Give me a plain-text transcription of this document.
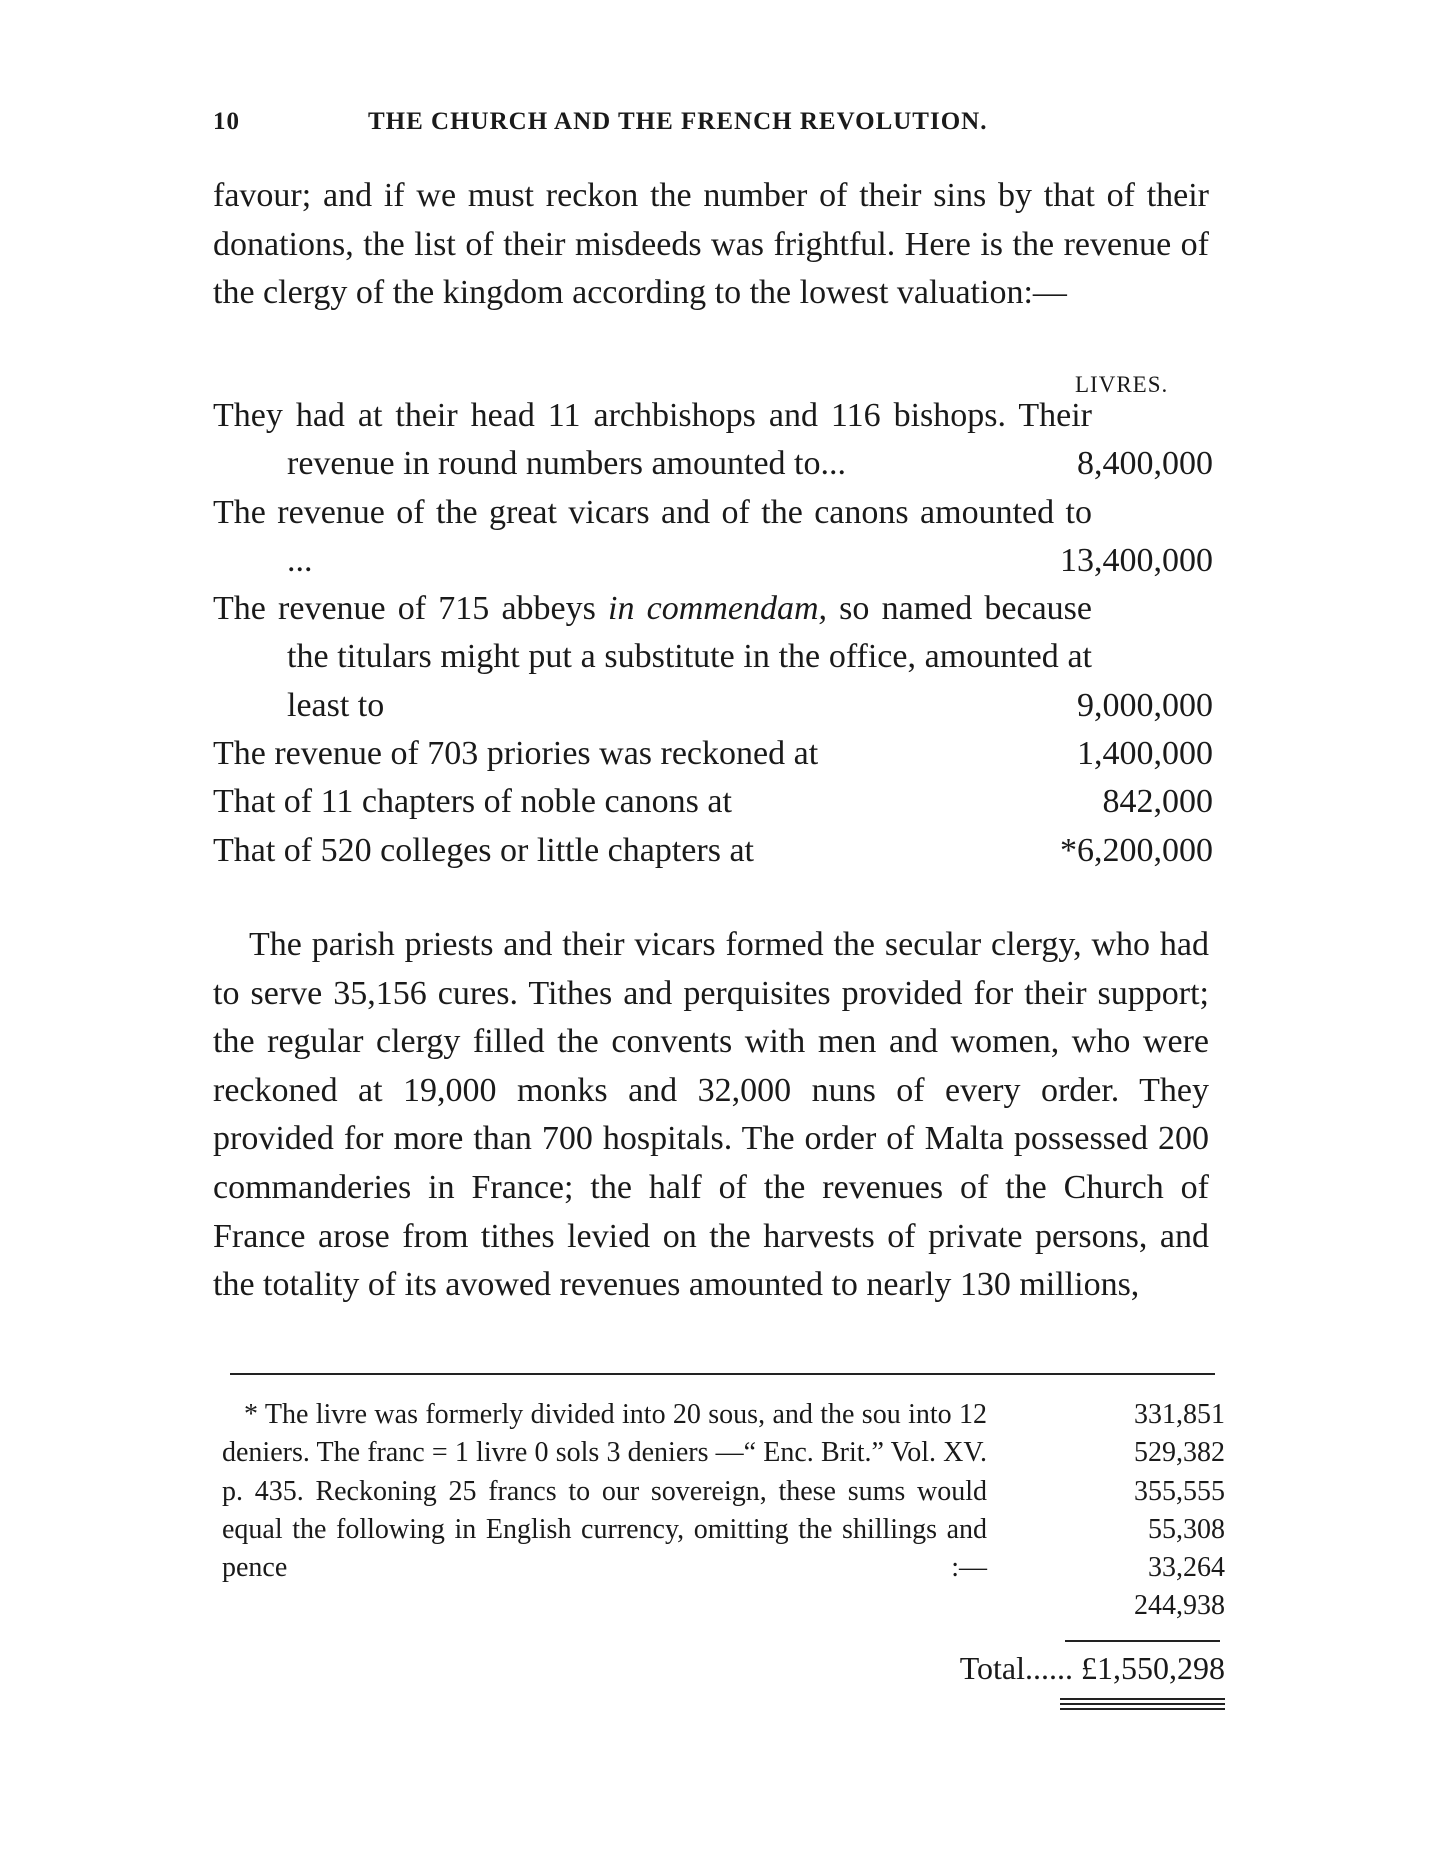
10	THE CHURCH AND THE FRENCH REVOLUTION.

favour; and if we must reckon the number of their sins by that of their donations, the list of their misdeeds was frightful. Here is the revenue of the clergy of the kingdom according to the lowest valuation:—

LIVRES.
They had at their head 11 archbishops and 116 bishops. Their revenue in round numbers amounted to...	8,400,000
The revenue of the great vicars and of the canons amounted to ...	13,400,000
The revenue of 715 abbeys in commendam, so named because the titulars might put a substitute in the office, amounted at least to	9,000,000
The revenue of 703 priories was reckoned at	1,400,000
That of 11 chapters of noble canons at	842,000
That of 520 colleges or little chapters at	*6,200,000

The parish priests and their vicars formed the secular clergy, who had to serve 35,156 cures. Tithes and perquisites provided for their support; the regular clergy filled the convents with men and women, who were reckoned at 19,000 monks and 32,000 nuns of every order. They provided for more than 700 hospitals. The order of Malta possessed 200 commanderies in France; the half of the revenues of the Church of France arose from tithes levied on the harvests of private persons, and the totality of its avowed revenues amounted to nearly 130 millions,

* The livre was formerly divided into 20 sous, and the sou into 12 deniers. The franc = 1 livre 0 sols 3 deniers —“ Enc. Brit.” Vol. XV. p. 435. Reckoning 25 francs to our sovereign, these sums would equal the following in English currency, omitting the shillings and pence :—

331,851
529,382
355,555
55,308
33,264
244,938
Total...... £1,550,298
